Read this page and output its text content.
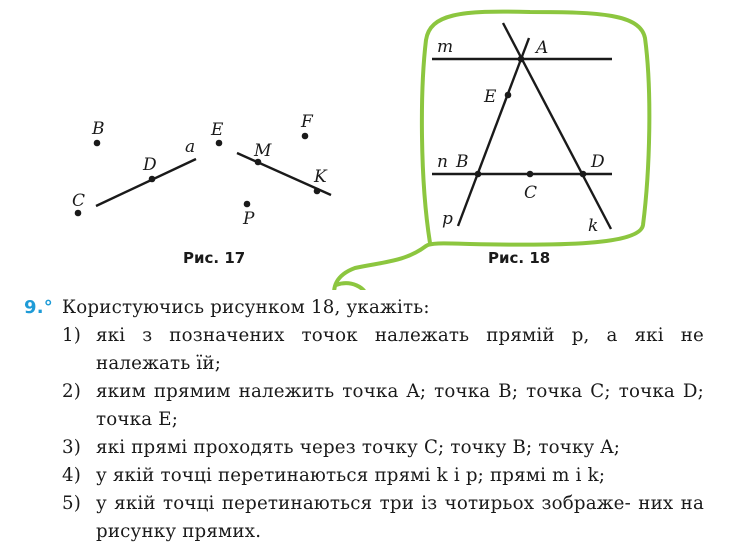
B
D
a
E
M
F
K
C
P
Рис. 17
m	A
E
n B	D
C
p	k
Рис. 18
9.° Користуючись рисунком 18, укажіть:
1) які з позначених точок належать прямій p, а які не належать їй;
2) яким прямим належить точка A; точка B; точка C; точка D; точка E;
3) які прямі проходять через точку C; точку B; точку A;
4) у якій точці перетинаються прямі k і p; прямі m і k;
5) у якій точці перетинаються три із чотирьох зображе- них на рисунку прямих.
